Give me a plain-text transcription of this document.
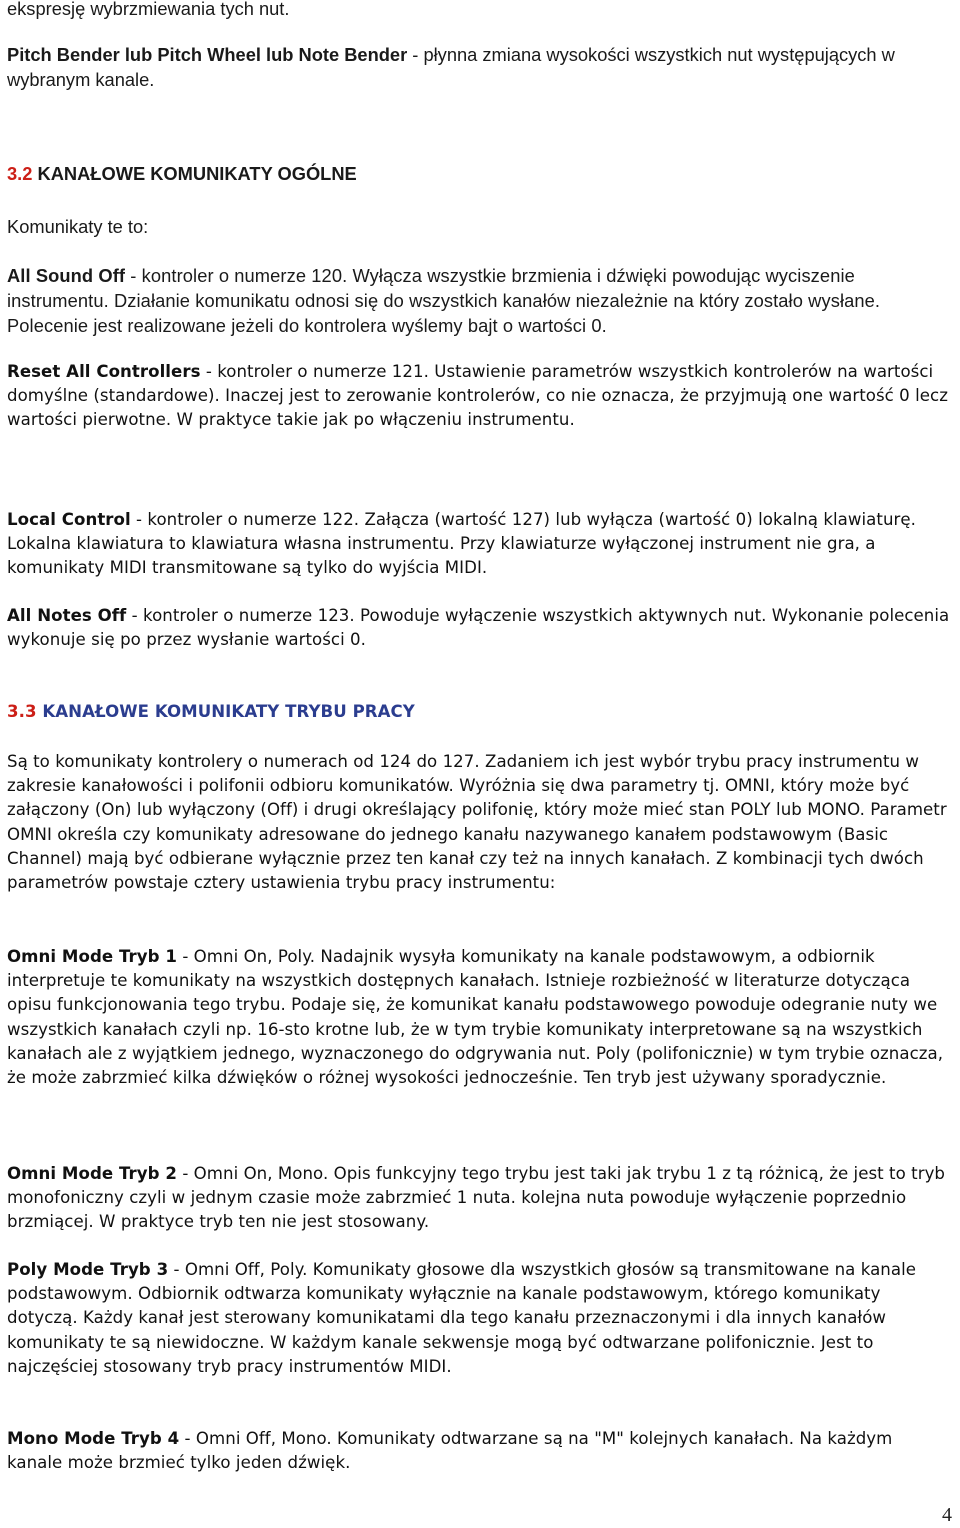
ekspresję wybrzmiewania tych nut.

Pitch Bender lub Pitch Wheel lub Note Bender - płynna zmiana wysokości wszystkich nut występujących w wybranym kanale.

3.2 KANAŁOWE KOMUNIKATY OGÓLNE

Komunikaty te to:

All Sound Off - kontroler o numerze 120. Wyłącza wszystkie brzmienia i dźwięki powodując wyciszenie instrumentu. Działanie komunikatu odnosi się do wszystkich kanałów niezależnie na który zostało wysłane. Polecenie jest realizowane jeżeli do kontrolera wyślemy bajt o wartości 0.

Reset All Controllers - kontroler o numerze 121. Ustawienie parametrów wszystkich kontrolerów na wartości domyślne (standardowe). Inaczej jest to zerowanie kontrolerów, co nie oznacza, że przyjmują one wartość 0 lecz wartości pierwotne. W praktyce takie jak po włączeniu instrumentu.

Local Control - kontroler o numerze 122. Załącza (wartość 127) lub wyłącza (wartość 0) lokalną klawiaturę. Lokalna klawiatura to klawiatura własna instrumentu. Przy klawiaturze wyłączonej instrument nie gra, a komunikaty MIDI transmitowane są tylko do wyjścia MIDI.

All Notes Off - kontroler o numerze 123. Powoduje wyłączenie wszystkich aktywnych nut. Wykonanie polecenia wykonuje się po przez wysłanie wartości 0.

3.3 KANAŁOWE KOMUNIKATY TRYBU PRACY

Są to komunikaty kontrolery o numerach od 124 do 127. Zadaniem ich jest wybór trybu pracy instrumentu w zakresie kanałowości i polifonii odbioru komunikatów. Wyróżnia się dwa parametry tj. OMNI, który może być załączony (On) lub wyłączony (Off) i drugi określający polifonię, który może mieć stan POLY lub MONO. Parametr OMNI określa czy komunikaty adresowane do jednego kanału nazywanego kanałem podstawowym (Basic Channel) mają być odbierane wyłącznie przez ten kanał czy też na innych kanałach. Z kombinacji tych dwóch parametrów powstaje cztery ustawienia trybu pracy instrumentu:

Omni Mode Tryb 1 - Omni On, Poly. Nadajnik wysyła komunikaty na kanale podstawowym, a odbiornik interpretuje te komunikaty na wszystkich dostępnych kanałach. Istnieje rozbieżność w literaturze dotycząca opisu funkcjonowania tego trybu. Podaje się, że komunikat kanału podstawowego powoduje odegranie nuty we wszystkich kanałach czyli np. 16-sto krotne lub, że w tym trybie komunikaty interpretowane są na wszystkich kanałach ale z wyjątkiem jednego, wyznaczonego do odgrywania nut. Poly (polifonicznie) w tym trybie oznacza, że może zabrzmieć kilka dźwięków o różnej wysokości jednocześnie. Ten tryb jest używany sporadycznie.

Omni Mode Tryb 2 - Omni On, Mono. Opis funkcyjny tego trybu jest taki jak trybu 1 z tą różnicą, że jest to tryb monofoniczny czyli w jednym czasie może zabrzmieć 1 nuta. kolejna nuta powoduje wyłączenie poprzednio brzmiącej. W praktyce tryb ten nie jest stosowany.

Poly Mode Tryb 3 - Omni Off, Poly. Komunikaty głosowe dla wszystkich głosów są transmitowane na kanale podstawowym. Odbiornik odtwarza komunikaty wyłącznie na kanale podstawowym, którego komunikaty dotyczą. Każdy kanał jest sterowany komunikatami dla tego kanału przeznaczonymi i dla innych kanałów komunikaty te są niewidoczne. W każdym kanale sekwensje mogą być odtwarzane polifonicznie. Jest to najczęściej stosowany tryb pracy instrumentów MIDI.

Mono Mode Tryb 4 - Omni Off, Mono. Komunikaty odtwarzane są na "M" kolejnych kanałach. Na każdym kanale może brzmieć tylko jeden dźwięk.

4
